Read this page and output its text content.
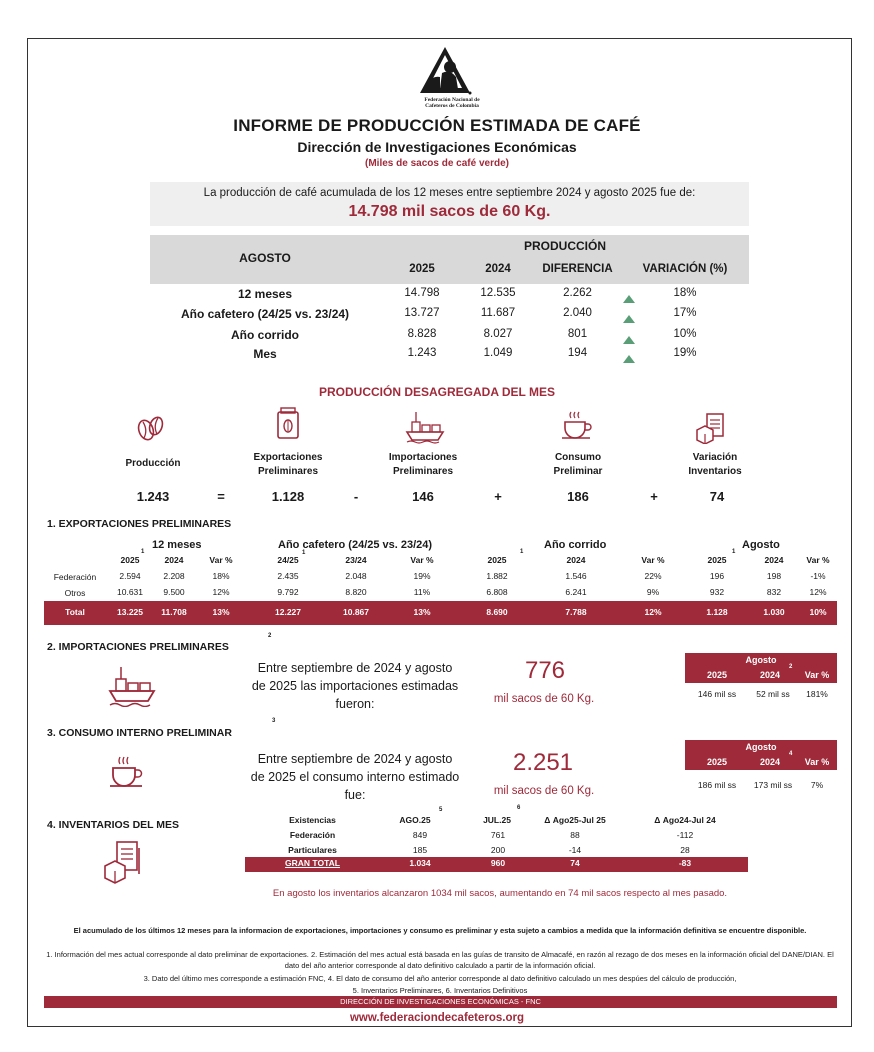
Federación Nacional de
Cafeteros de Colombia
INFORME DE PRODUCCIÓN ESTIMADA DE CAFÉ
Dirección de Investigaciones Económicas
(Miles de sacos de café verde)
La producción de café acumulada de los 12 meses entre septiembre 2024 y agosto 2025 fue de:
14.798 mil sacos de 60 Kg.
AGOSTO
PRODUCCIÓN
2025	2024	DIFERENCIA	VARIACIÓN (%)
12 meses	14.798	12.535	2.262	18%
Año cafetero (24/25 vs. 23/24)	13.727	11.687	2.040	17%
Año corrido	8.828	8.027	801	10%
Mes	1.243	1.049	194	19%
PRODUCCIÓN DESAGREGADA DEL MES
Producción
Exportaciones Preliminares
Importaciones Preliminares
Consumo Preliminar
Variación Inventarios
1.243	=	1.128	-	146	+	186	+	74
1. EXPORTACIONES PRELIMINARES
12 meses	Año cafetero (24/25 vs. 23/24)	Año corrido	Agosto
1	1
2
1	1
2025	2024	Var %	24/25	23/24	Var %	2025	2024	Var %	2025	2024	Var %
Federación	2.594	2.208	18%	2.435	2.048	19%	1.882	1.546	22%	196	198	-1%
Otros	10.631	9.500	12%	9.792	8.820	11%	6.808	6.241	9%	932	832	12%
Total	13.225	11.708	13%	12.227	10.867	13%	8.690	7.788	12%	1.128	1.030	10%
2. IMPORTACIONES PRELIMINARES
Entre septiembre de 2024 y agosto de 2025 las importaciones estimadas fueron:
776
mil sacos de 60 Kg.
Agosto
2025	2024
2
Var %
146 mil ss	52 mil ss	181%
3. CONSUMO INTERNO PRELIMINAR
3
Entre septiembre de 2024 y agosto de 2025 el consumo interno estimado fue:
2.251
mil sacos de 60 Kg.
Agosto
2025	2024
4
Var %
186 mil ss	173 mil ss	7%
4. INVENTARIOS DEL MES	Existencias	AGO.25
5
JUL.25
6
Δ Ago25-Jul 25	Δ Ago24-Jul 24
Federación	849	761	88	-112
Particulares	185	200	-14	28
GRAN TOTAL	1.034	960	74	-83
En agosto los inventarios alcanzaron 1034 mil sacos, aumentando en 74 mil sacos respecto al mes pasado.
El acumulado de los últimos 12 meses para la informacion de exportaciones, importaciones y consumo es preliminar y esta sujeto a cambios a medida que la información definitiva se encuentre disponible.
1. Información del mes actual corresponde al dato preliminar de exportaciones. 2. Estimación del mes actual está basada en las guías de transito de Almacafé, en razón al rezago de dos meses en la información oficial del DANE/DIAN. El dato del año anterior corresponde al dato definitivo calculado a partir de la información oficial.
3. Dato del último mes corresponde a estimación FNC, 4. El dato de consumo del año anterior corresponde al dato definitivo calculado un mes despúes del cálculo de producción,
5. Inventarios Preliminares, 6. Inventarios Definitivos
DIRECCIÓN DE INVESTIGACIONES ECONÓMICAS - FNC
www.federaciondecafeteros.org
